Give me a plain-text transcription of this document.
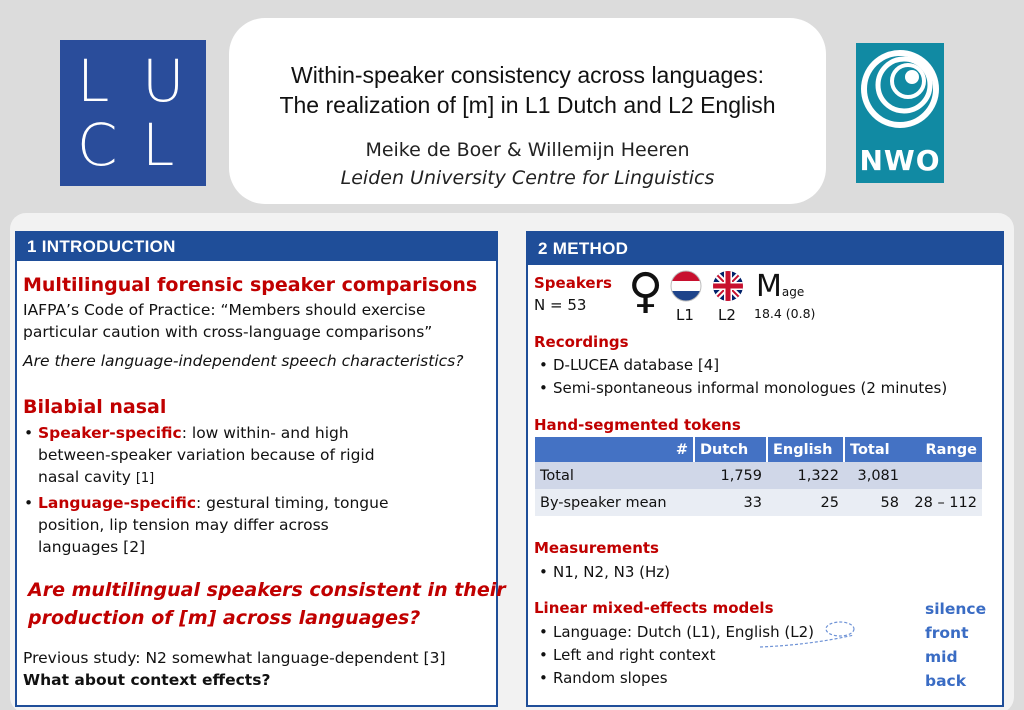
L U
C L
Within-speaker consistency across languages:
The realization of [m] in L1 Dutch and L2 English
Meike de Boer & Willemijn Heeren
Leiden University Centre for Linguistics
NWO
1 INTRODUCTION
Multilingual forensic speaker comparisons
IAFPA’s Code of Practice: “Members should exercise
particular caution with cross-language comparisons”
Are there language-independent speech characteristics?
Bilabial nasal
• Speaker-specific: low within- and high
between-speaker variation because of rigid
nasal cavity [1]
• Language-specific: gestural timing, tongue
position, lip tension may differ across
languages [2]
Are multilingual speakers consistent in their
production of [m] across languages?
Previous study: N2 somewhat language-dependent [3]
What about context effects?
2 METHOD
Speakers
N = 53 ♀ L1 L2
Mage
18.4 (0.8)
Recordings
• D-LUCEA database [4]
• Semi-spontaneous informal monologues (2 minutes)
Hand-segmented tokens
#	Dutch	English	Total	Range
Total	1,759	1,322	3,081	
By-speaker mean	33	25	58	28 – 112
Measurements
• N1, N2, N3 (Hz)
Linear mixed-effects models
• Language: Dutch (L1), English (L2)
• Left and right context
• Random slopes
silence
front
mid
back
